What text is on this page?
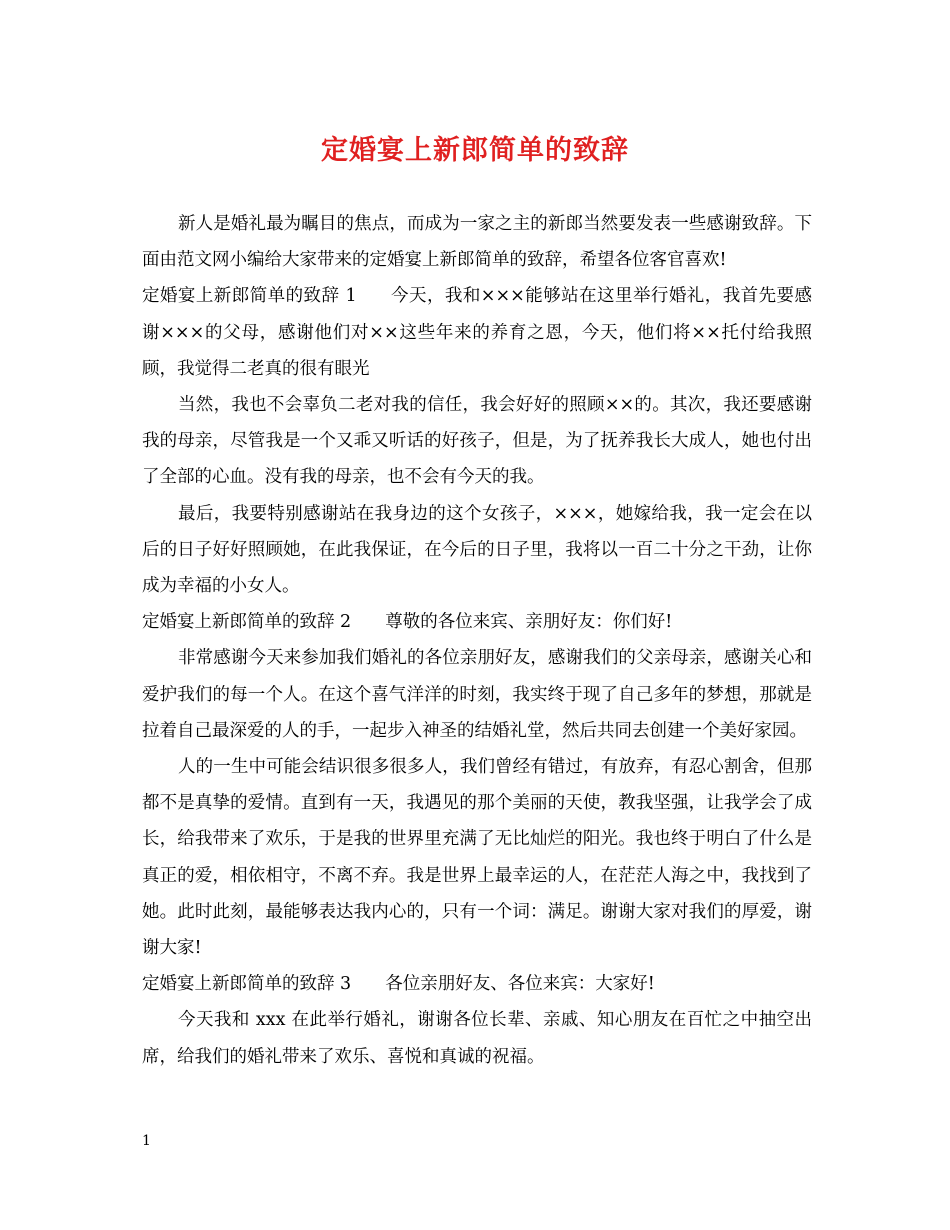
定婚宴上新郎简单的致辞

新人是婚礼最为瞩目的焦点，而成为一家之主的新郎当然要发表一些感谢致辞。下面由范文网小编给大家带来的定婚宴上新郎简单的致辞，希望各位客官喜欢!

定婚宴上新郎简单的致辞 1 今天，我和×××能够站在这里举行婚礼，我首先要感谢×××的父母，感谢他们对××这些年来的养育之恩，今天，他们将××托付给我照顾，我觉得二老真的很有眼光

当然，我也不会辜负二老对我的信任，我会好好的照顾××的。其次，我还要感谢我的母亲，尽管我是一个又乖又听话的好孩子，但是，为了抚养我长大成人，她也付出了全部的心血。没有我的母亲，也不会有今天的我。

最后，我要特别感谢站在我身边的这个女孩子，×××，她嫁给我，我一定会在以后的日子好好照顾她，在此我保证，在今后的日子里，我将以一百二十分之干劲，让你成为幸福的小女人。

定婚宴上新郎简单的致辞 2 尊敬的各位来宾、亲朋好友：你们好!

非常感谢今天来参加我们婚礼的各位亲朋好友，感谢我们的父亲母亲，感谢关心和爱护我们的每一个人。在这个喜气洋洋的时刻，我实终于现了自己多年的梦想，那就是拉着自己最深爱的人的手，一起步入神圣的结婚礼堂，然后共同去创建一个美好家园。

人的一生中可能会结识很多很多人，我们曾经有错过，有放弃，有忍心割舍，但那都不是真挚的爱情。直到有一天，我遇见的那个美丽的天使，教我坚强，让我学会了成长，给我带来了欢乐，于是我的世界里充满了无比灿烂的阳光。我也终于明白了什么是真正的爱，相依相守，不离不弃。我是世界上最幸运的人，在茫茫人海之中，我找到了她。此时此刻，最能够表达我内心的，只有一个词：满足。谢谢大家对我们的厚爱，谢谢大家!

定婚宴上新郎简单的致辞 3 各位亲朋好友、各位来宾：大家好!

今天我和 xxx 在此举行婚礼，谢谢各位长辈、亲戚、知心朋友在百忙之中抽空出席，给我们的婚礼带来了欢乐、喜悦和真诚的祝福。

1
